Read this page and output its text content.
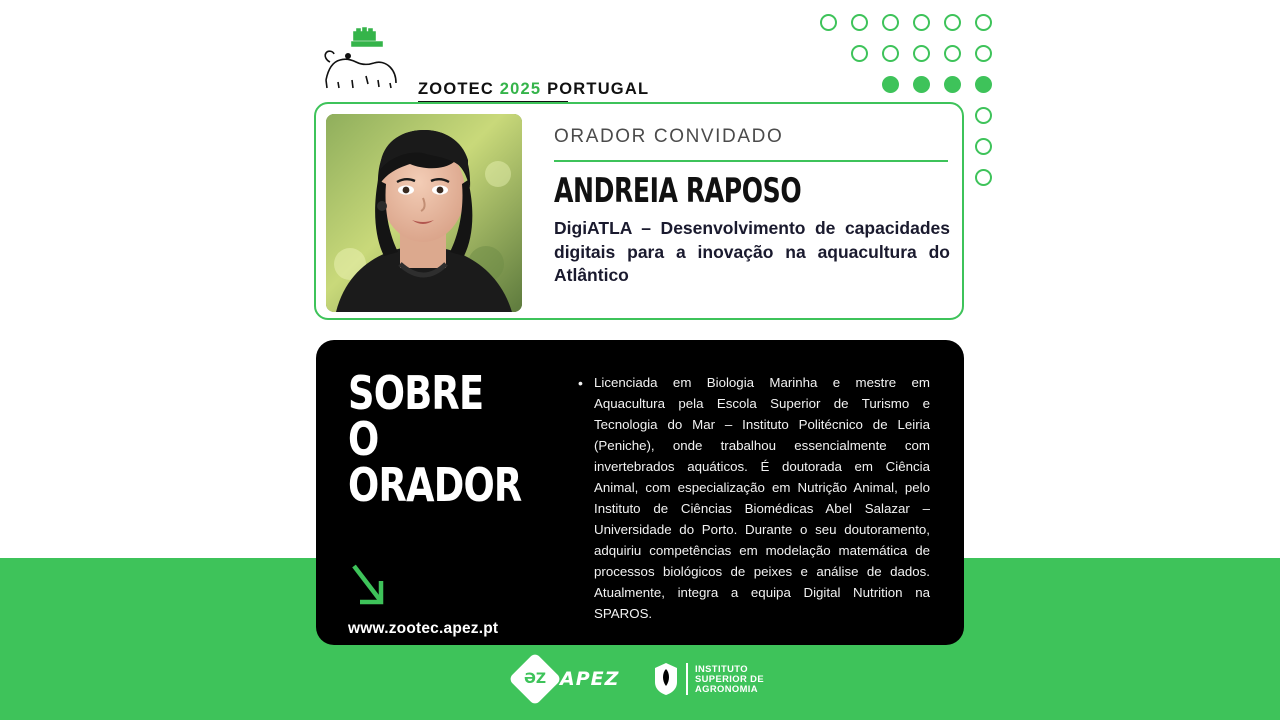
ZOOTEC 2025 PORTUGAL
ORADOR CONVIDADO
ANDREIA RAPOSO
DigiATLA – Desenvolvimento de capacidades digitais para a inovação na aquacultura do Atlântico
SOBRE O
ORADOR
www.zootec.apez.pt
• Licenciada em Biologia Marinha e mestre em Aquacultura pela Escola Superior de Turismo e Tecnologia do Mar – Instituto Politécnico de Leiria (Peniche), onde trabalhou essencialmente com invertebrados aquáticos. É doutorada em Ciência Animal, com especialização em Nutrição Animal, pelo Instituto de Ciências Biomédicas Abel Salazar – Universidade do Porto. Durante o seu doutoramento, adquiriu competências em modelação matemática de processos biológicos de peixes e análise de dados. Atualmente, integra a equipa Digital Nutrition na SPAROS.
ƏZ APEZ	INSTITUTO
SUPERIOR DE
AGRONOMIA
